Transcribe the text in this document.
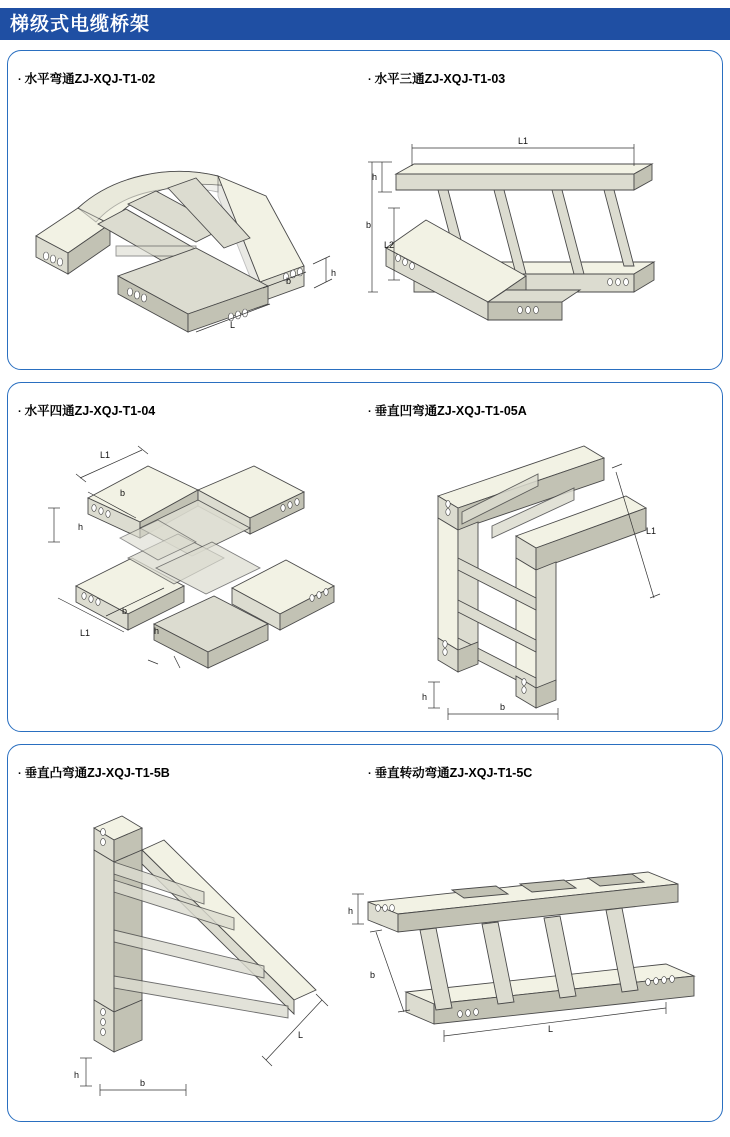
梯级式电缆桥架
· 水平弯通ZJ-XQJ-T1-02
h
b
L
· 水平三通ZJ-XQJ-T1-03
L1
h
b
L2
· 水平四通ZJ-XQJ-T1-04
L1
b
h
b
L1	h
· 垂直凹弯通ZJ-XQJ-T1-05A
L1
h
b
· 垂直凸弯通ZJ-XQJ-T1-5B
L
h
b
· 垂直转动弯通ZJ-XQJ-T1-5C
h
b
L
